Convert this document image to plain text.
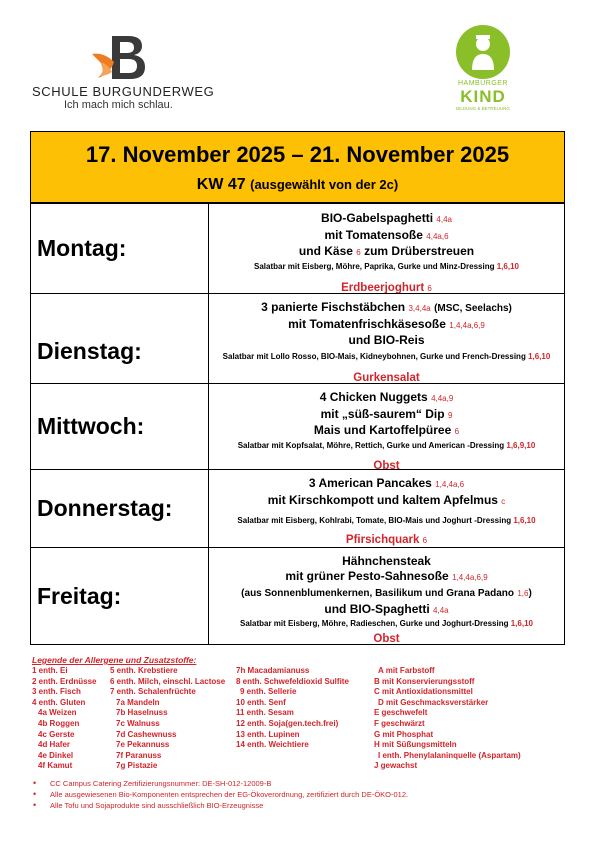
SCHULE BURGUNDERWEG
Ich mach mich schlau.
HAMBURGER
KIND
BILDUNG & BETREUUNG
17. November 2025 – 21. November 2025
KW 47 (ausgewählt von der 2c)
Montag:
BIO-Gabelspaghetti 4,4a
mit Tomatensoße 4,4a,6
und Käse 6 zum Drüberstreuen
Salatbar mit Eisberg, Möhre, Paprika, Gurke und Minz-Dressing 1,6,10
Erdbeerjoghurt 6
Dienstag:
3 panierte Fischstäbchen 3,4,4a (MSC, Seelachs)
mit Tomatenfrischkäsesoße 1,4,4a,6,9
und BIO-Reis
Salatbar mit Lollo Rosso, BIO-Mais, Kidneybohnen, Gurke und French-Dressing 1,6,10
Gurkensalat
Mittwoch:
4 Chicken Nuggets 4,4a,9
mit „süß-saurem“ Dip 9
Mais und Kartoffelpüree 6
Salatbar mit Kopfsalat, Möhre, Rettich, Gurke und American -Dressing 1,6,9,10
Obst
Donnerstag:
3 American Pancakes 1,4,4a,6
mit Kirschkompott und kaltem Apfelmus c
Salatbar mit Eisberg, Kohlrabi, Tomate, BIO-Mais und Joghurt -Dressing 1,6,10
Pfirsichquark 6
Freitag:
Hähnchensteak
mit grüner Pesto-Sahnesoße 1,4,4a,6,9
(aus Sonnenblumenkernen, Basilikum und Grana Padano 1,6)
und BIO-Spaghetti 4,4a
Salatbar mit Eisberg, Möhre, Radieschen, Gurke und Joghurt-Dressing 1,6,10
Obst
Legende der Allergene und Zusatzstoffe:
1 enth. Ei
2 enth. Erdnüsse
3 enth. Fisch
4 enth. Gluten
4a Weizen
4b Roggen
4c Gerste
4d Hafer
4e Dinkel
4f Kamut
5 enth. Krebstiere
6 enth. Milch, einschl. Lactose
7 enth. Schalenfrüchte
7a Mandeln
7b Haselnuss
7c Walnuss
7d Cashewnuss
7e Pekannuss
7f Paranuss
7g Pistazie
7h Macadamianuss
8 enth. Schwefeldioxid Sulfite
9 enth. Sellerie
10 enth. Senf
11 enth. Sesam
12 enth. Soja(gen.tech.frei)
13 enth. Lupinen
14 enth. Weichtiere
A mit Farbstoff
B mit Konservierungsstoff
C mit Antioxidationsmittel
D mit Geschmacksverstärker
E geschwefelt
F geschwärzt
G mit Phosphat
H mit Süßungsmitteln
I enth. Phenylalaninquelle (Aspartam)
J gewachst
• CC Campus Catering Zertifizierungsnummer: DE-SH-012-12009-B
• Alle ausgewiesenen Bio-Komponenten entsprechen der EG-Ökoverordnung, zertifiziert durch DE-ÖKO-012.
• Alle Tofu und Sojaprodukte sind ausschließlich BIO-Erzeugnisse
